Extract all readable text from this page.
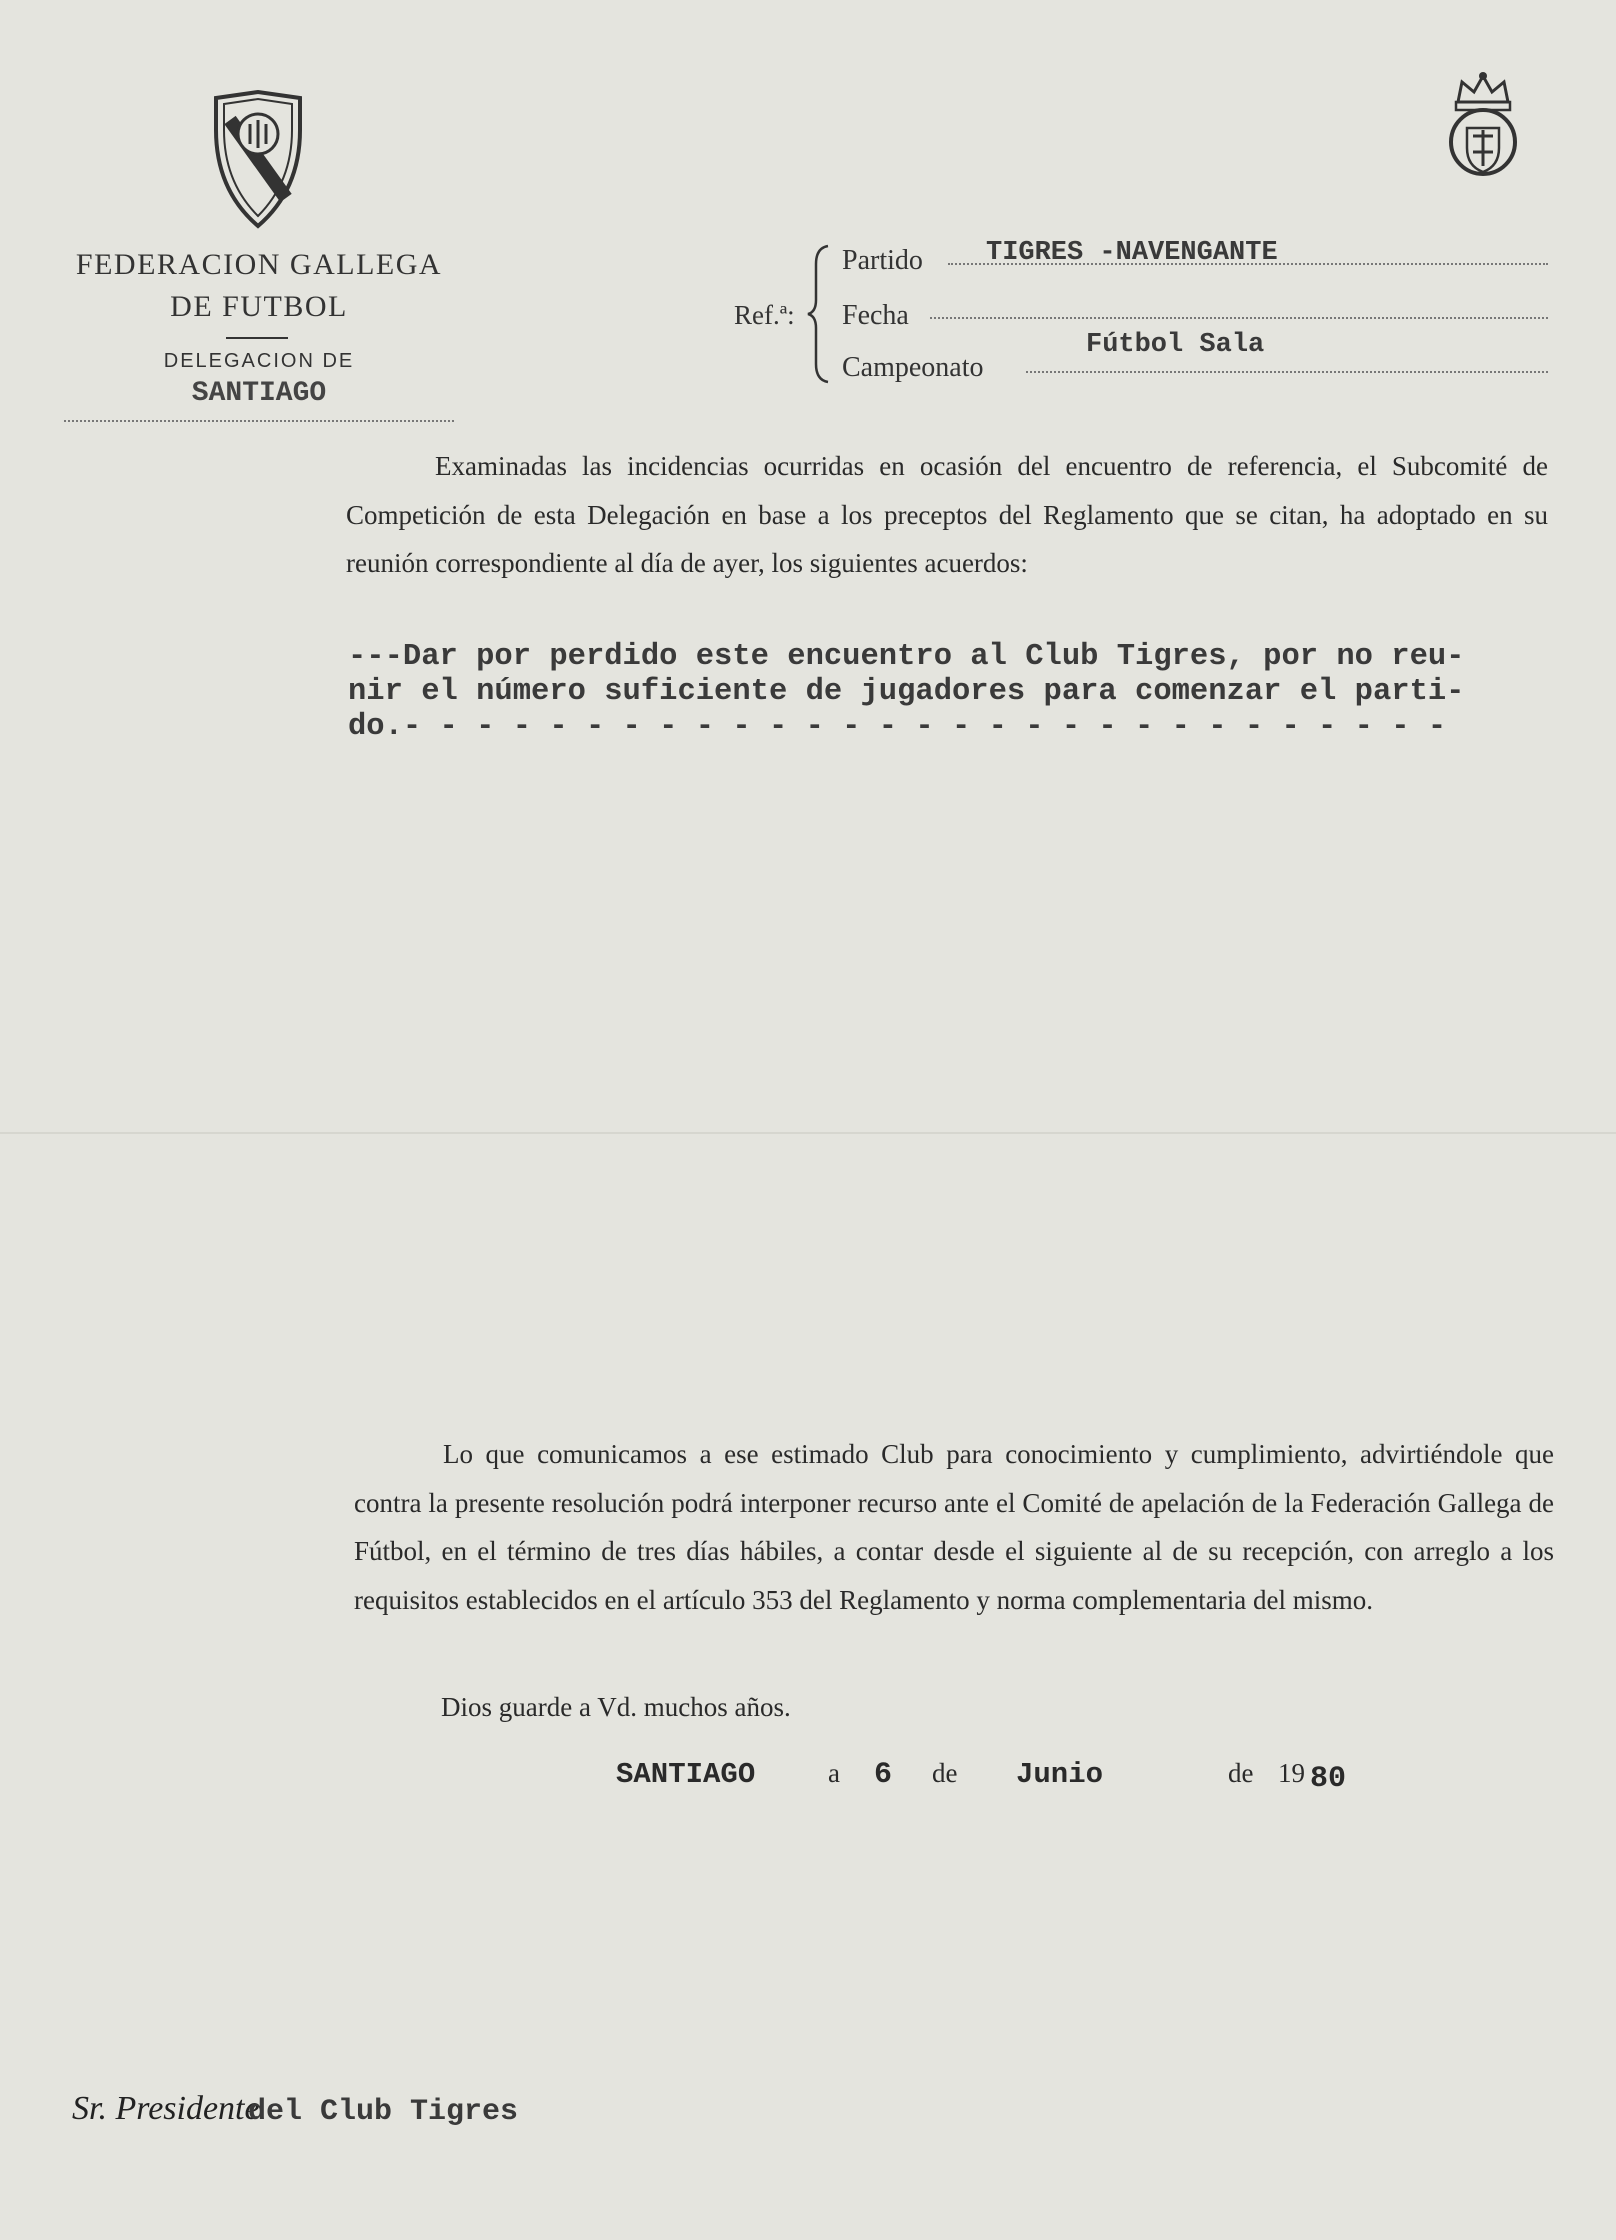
FEDERACION GALLEGA
DE FUTBOL
DELEGACION DE
SANTIAGO
Ref.ª:
Partido TIGRES -NAVENGANTE
Fecha
Campeonato
Fútbol Sala

Examinadas las incidencias ocurridas en ocasión del encuentro de referencia, el Subcomité de Competición de esta Delegación en base a los preceptos del Reglamento que se citan, ha adoptado en su reunión correspondiente al día de ayer, los siguientes acuerdos:

---Dar por perdido este encuentro al Club Tigres, por no reu-
nir el número suficiente de jugadores para comenzar el parti-
do.- - - - - - - - - - - - - - - - - - - - - - - - - - - - -

Lo que comunicamos a ese estimado Club para conocimiento y cumplimiento, advirtiéndole que contra la presente resolución podrá interponer recurso ante el Comité de apelación de la Federación Gallega de Fútbol, en el término de tres días hábiles, a contar desde el siguiente al de su recepción, con arreglo a los requisitos establecidos en el artículo 353 del Reglamento y norma complementaria del mismo.

Dios guarde a Vd. muchos años.
SANTIAGO	a 6 de Junio	de 19 80
Sr. Presidente
del Club Tigres
